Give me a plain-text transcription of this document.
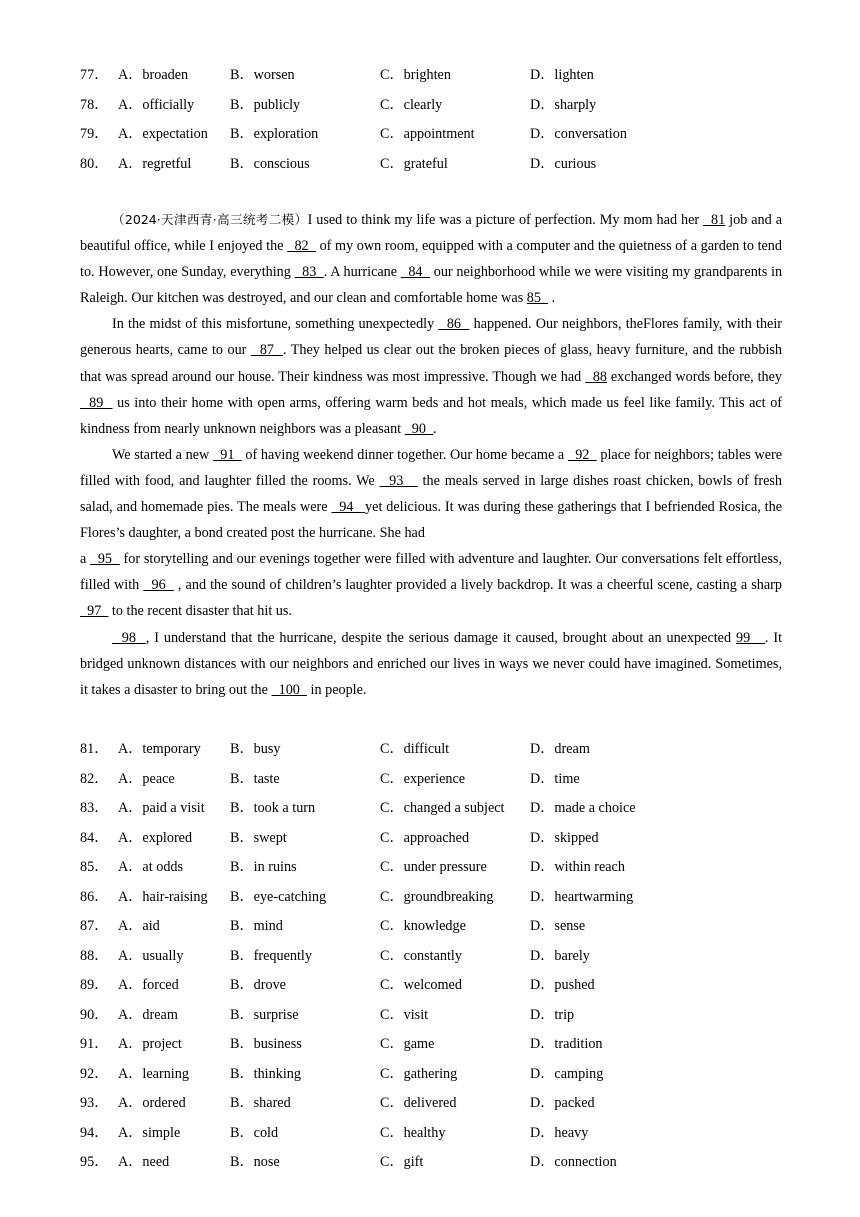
77． A．broaden	B．worsen	C．brighten	D．lighten
78． A．officially	B．publicly	C．clearly	D．sharply
79． A．expectation B．exploration	C．appointment	D．conversation
80． A．regretful	B．conscious	C．grateful	D．curious

（2024·天津西青·高三统考二模）I used to think my life was a picture of perfection. My mom had her   81 job and a beautiful office, while I enjoyed the   82   of my own room, equipped with a computer and the quietness of a garden to tend to. However, one Sunday, everything   83  . A hurricane   84   our neighborhood while we were visiting my grandparents in Raleigh. Our kitchen was destroyed, and our clean and comfortable home was 85   .

In the midst of this misfortune, something unexpectedly   86   happened. Our neighbors, theFlores family, with their generous hearts, came to our   87  . They helped us clear out the broken pieces of glass, heavy furniture, and the rubbish that was spread around our house. Their kindness was most impressive. Though we had   88 exchanged words before, they   89   us into their home with open arms, offering warm beds and hot meals, which made us feel like family. This act of kindness from nearly unknown neighbors was a pleasant   90  .

We started a new   91   of having weekend dinner together. Our home became a   92   place for neighbors; tables were filled with food, and laughter filled the rooms. We   93    the meals served in large dishes roast chicken, bowls of fresh salad, and homemade pies. The meals were   94   yet delicious. It was during these gatherings that I befriended Rosica, the Flores’s daughter, a bond created post the hurricane. She had

a   95   for storytelling and our evenings together were filled with adventure and laughter. Our conversations felt effortless, filled with   96   , and the sound of children’s laughter provided a lively backdrop. It was a cheerful scene, casting a sharp   97   to the recent disaster that hit us.

98  , I understand that the hurricane, despite the serious damage it caused, brought about an unexpected 99   . It bridged unknown distances with our neighbors and enriched our lives in ways we never could have imagined. Sometimes, it takes a disaster to bring out the   100   in people.

81． A．temporary B．busy	C．difficult	D．dream
82． A．peace	B．taste	C．experience	D．time
83． A．paid a visit B．took a turn	C．changed a subject D．made a choice
84． A．explored	B．swept	C．approached	D．skipped
85． A．at odds	B．in ruins	C．under pressure	D．within reach
86． A．hair-raising B．eye-catching	C．groundbreaking	D．heartwarming
87． A．aid	B．mind	C．knowledge	D．sense
88． A．usually	B．frequently	C．constantly	D．barely
89． A．forced	B．drove	C．welcomed	D．pushed
90． A．dream	B．surprise	C．visit	D．trip
91． A．project	B．business	C．game	D．tradition
92． A．learning	B．thinking	C．gathering	D．camping
93． A．ordered	B．shared	C．delivered	D．packed
94． A．simple	B．cold	C．healthy	D．heavy
95． A．need	B．nose	C．gift	D．connection
